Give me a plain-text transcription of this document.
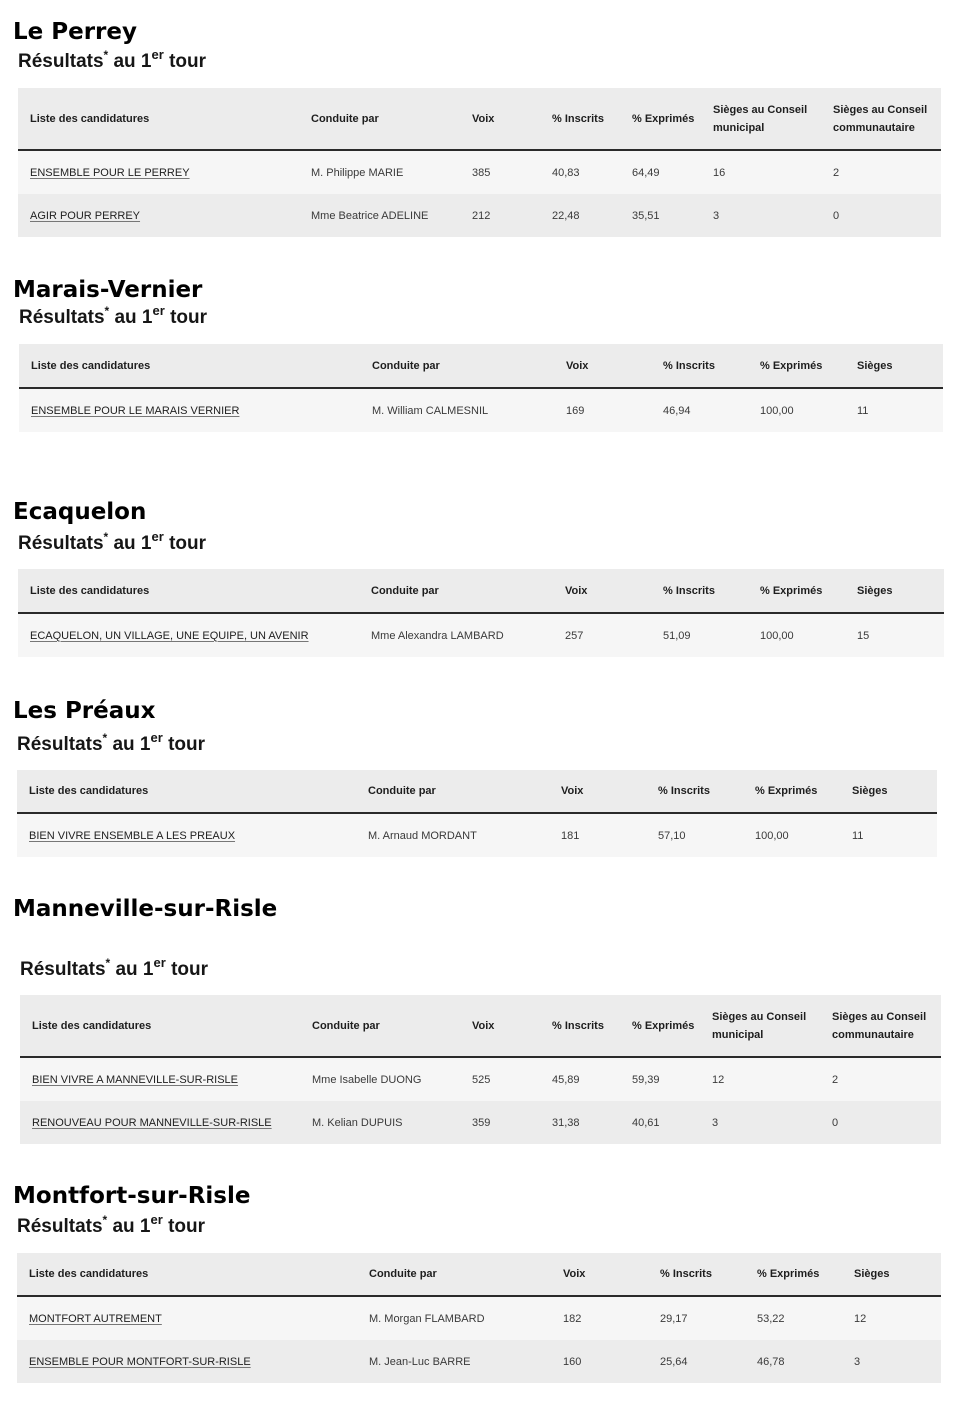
Le Perrey
Résultats* au 1er tour
Liste des candidatures	Conduite par	Voix	% Inscrits	% Exprimés	Sièges au Conseil municipal	Sièges au Conseil communautaire
ENSEMBLE POUR LE PERREY	M. Philippe MARIE	385	40,83	64,49	16	2
AGIR POUR PERREY	Mme Beatrice ADELINE	212	22,48	35,51	3	0
Marais-Vernier
Résultats* au 1er tour
Liste des candidatures	Conduite par	Voix	% Inscrits	% Exprimés	Sièges
ENSEMBLE POUR LE MARAIS VERNIER	M. William CALMESNIL	169	46,94	100,00	11
Ecaquelon
Résultats* au 1er tour
Liste des candidatures	Conduite par	Voix	% Inscrits	% Exprimés	Sièges
ECAQUELON, UN VILLAGE, UNE EQUIPE, UN AVENIR	Mme Alexandra LAMBARD	257	51,09	100,00	15
Les Préaux
Résultats* au 1er tour
Liste des candidatures	Conduite par	Voix	% Inscrits	% Exprimés	Sièges
BIEN VIVRE ENSEMBLE A LES PREAUX	M. Arnaud MORDANT	181	57,10	100,00	11
Manneville-sur-Risle
Résultats* au 1er tour
Liste des candidatures	Conduite par	Voix	% Inscrits	% Exprimés	Sièges au Conseil municipal	Sièges au Conseil communautaire
BIEN VIVRE A MANNEVILLE-SUR-RISLE	Mme Isabelle DUONG	525	45,89	59,39	12	2
RENOUVEAU POUR MANNEVILLE-SUR-RISLE	M. Kelian DUPUIS	359	31,38	40,61	3	0
Montfort-sur-Risle
Résultats* au 1er tour
Liste des candidatures	Conduite par	Voix	% Inscrits	% Exprimés	Sièges
MONTFORT AUTREMENT	M. Morgan FLAMBARD	182	29,17	53,22	12
ENSEMBLE POUR MONTFORT-SUR-RISLE	M. Jean-Luc BARRE	160	25,64	46,78	3
